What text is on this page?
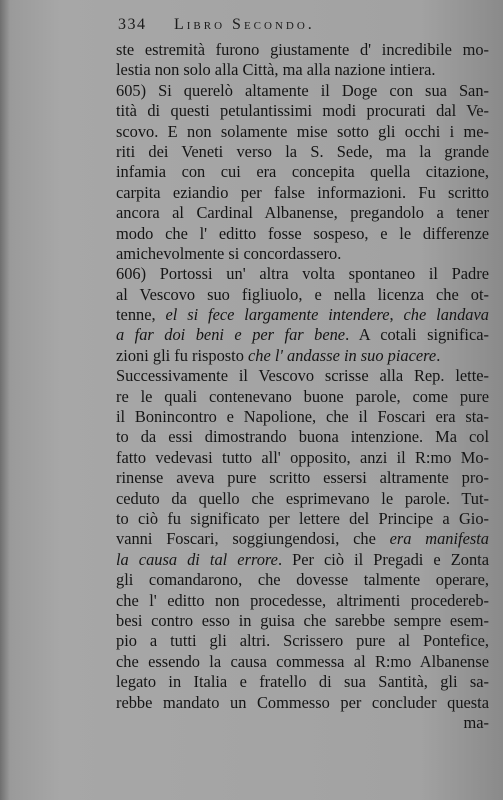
334 Libro Secondo.
ste estremità furono giustamente d' incredibile mo-
lestia non solo alla Città, ma alla nazione intiera.
605) Si querelò altamente il Doge con sua San-
tità di questi petulantissimi modi procurati dal Ve-
scovo. E non solamente mise sotto gli occhi i me-
riti dei Veneti verso la S. Sede, ma la grande
infamia con cui era concepita quella citazione,
carpita eziandio per false informazioni. Fu scritto
ancora al Cardinal Albanense, pregandolo a tener
modo che l' editto fosse sospeso, e le differenze
amichevolmente si concordassero.
606) Portossi un' altra volta spontaneo il Padre
al Vescovo suo figliuolo, e nella licenza che ot-
tenne, el si fece largamente intendere, che landava
a far doi beni e per far bene. A cotali significa-
zioni gli fu risposto che l' andasse in suo piacere.
Successivamente il Vescovo scrisse alla Rep. lette-
re le quali contenevano buone parole, come pure
il Bonincontro e Napolione, che il Foscari era sta-
to da essi dimostrando buona intenzione. Ma col
fatto vedevasi tutto all' opposito, anzi il R:mo Mo-
rinense aveva pure scritto essersi altramente pro-
ceduto da quello che esprimevano le parole. Tut-
to ciò fu significato per lettere del Principe a Gio-
vanni Foscari, soggiungendosi, che era manifesta
la causa di tal errore. Per ciò il Pregadi e Zonta
gli comandarono, che dovesse talmente operare,
che l' editto non procedesse, altrimenti procedereb-
besi contro esso in guisa che sarebbe sempre esem-
pio a tutti gli altri. Scrissero pure al Pontefice,
che essendo la causa commessa al R:mo Albanense
legato in Italia e fratello di sua Santità, gli sa-
rebbe mandato un Commesso per concluder questa
ma-
